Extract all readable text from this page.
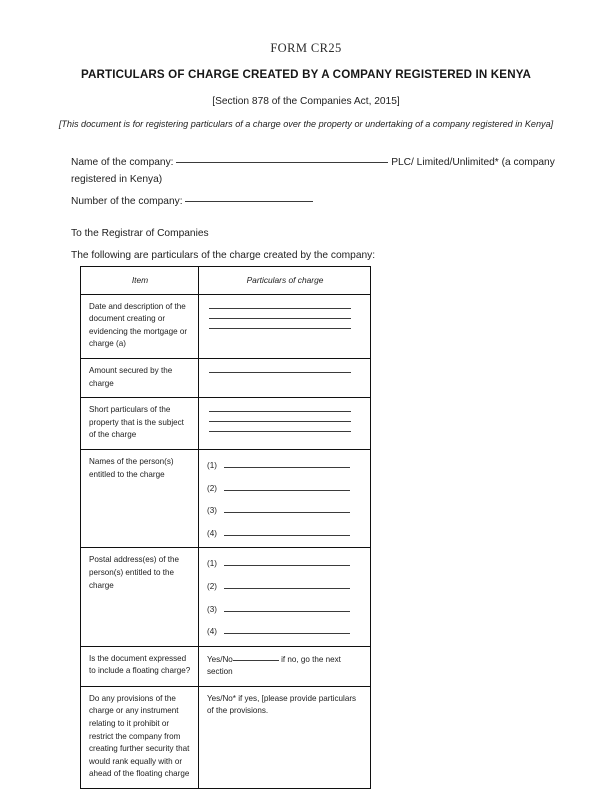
FORM CR25
PARTICULARS OF CHARGE CREATED BY A COMPANY REGISTERED IN KENYA
[Section 878 of the Companies Act, 2015]
[This document is for registering particulars of a charge over the property or undertaking of a company registered in Kenya]
Name of the company:	PLC/ Limited/Unlimited* (a company
registered in Kenya)
Number of the company:
To the Registrar of Companies
The following are particulars of the charge created by the company:
Item	Particulars of charge
Date and description of the document creating or evidencing the mortgage or charge (a)	

Amount secured by the charge	

Short particulars of the property that is the subject of the charge	

Names of the person(s) entitled to the charge	(1)
(2)
(3)
(4)

Postal address(es) of the person(s) entitled to the charge	(1)
(2)
(3)
(4)

Is the document expressed to include a floating charge?	Yes/No if no, go the next section
Do any provisions of the charge or any instrument relating to it prohibit or restrict the company from creating further security that would rank equally with or ahead of the floating charge	Yes/No* if yes, [please provide particulars of the provisions.
